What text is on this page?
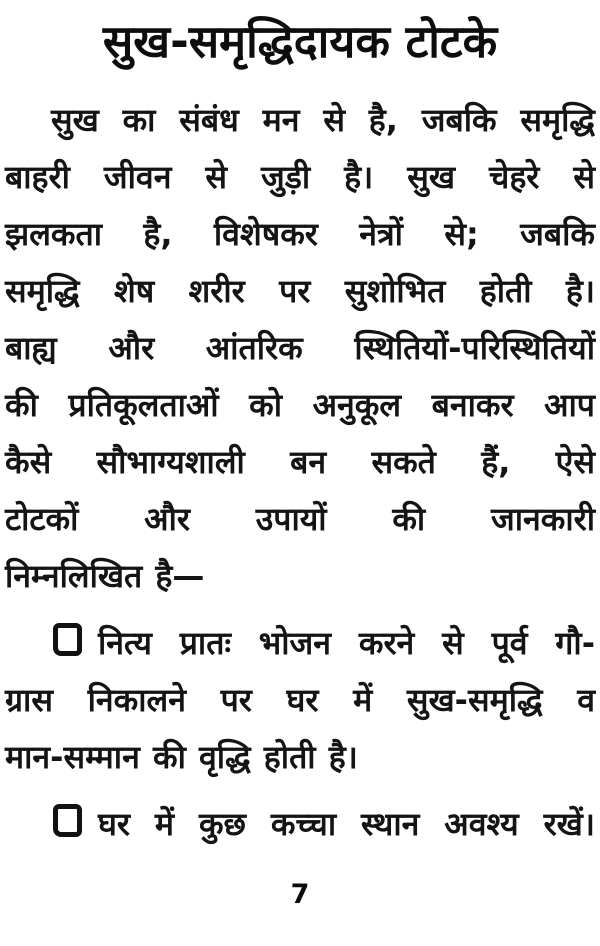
सुख-समृद्धिदायक टोटके
सुख का संबंध मन से है, जबकि समृद्धि
बाहरी जीवन से जुड़ी है। सुख चेहरे से
झलकता है, विशेषकर नेत्रों से; जबकि
समृद्धि शेष शरीर पर सुशोभित होती है।
बाह्य और आंतरिक स्थितियों-परिस्थितियों
की प्रतिकूलताओं को अनुकूल बनाकर आप
कैसे सौभाग्यशाली बन सकते हैं, ऐसे
टोटकों और उपायों की जानकारी
निम्नलिखित है—
नित्य प्रातः भोजन करने से पूर्व गौ-
ग्रास निकालने पर घर में सुख-समृद्धि व
मान-सम्मान की वृद्धि होती है।
घर में कुछ कच्चा स्थान अवश्य रखें।
7
